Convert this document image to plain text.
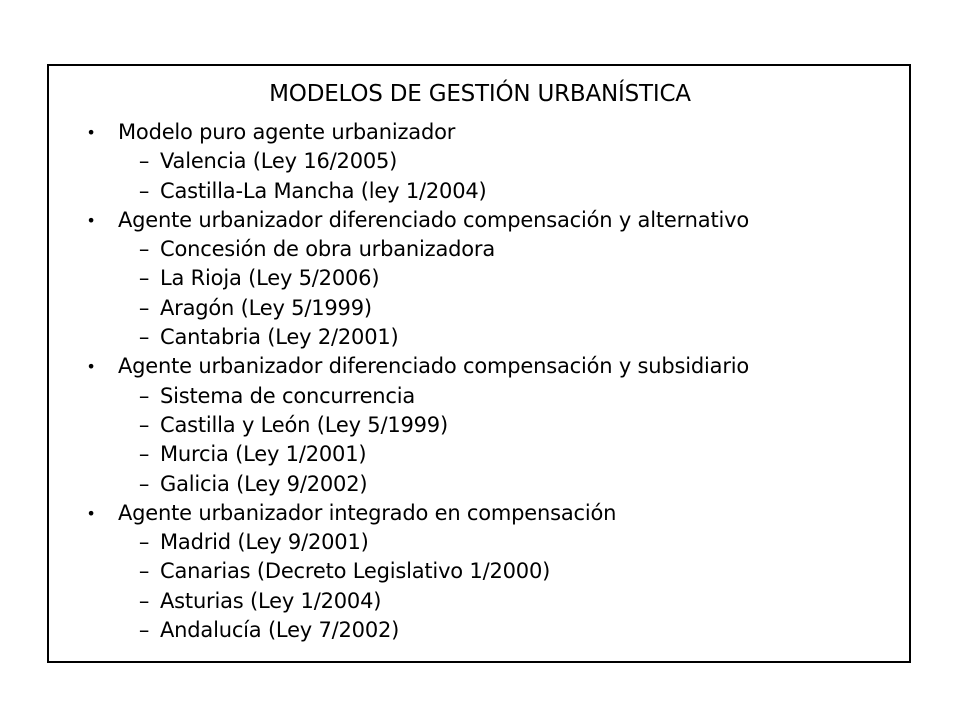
MODELOS DE GESTIÓN URBANÍSTICA
• Modelo puro agente urbanizador
– Valencia (Ley 16/2005)
– Castilla-La Mancha (ley 1/2004)
• Agente urbanizador diferenciado compensación y alternativo
– Concesión de obra urbanizadora
– La Rioja (Ley 5/2006)
– Aragón (Ley 5/1999)
– Cantabria (Ley 2/2001)
• Agente urbanizador diferenciado compensación y subsidiario
– Sistema de concurrencia
– Castilla y León (Ley 5/1999)
– Murcia (Ley 1/2001)
– Galicia (Ley 9/2002)
• Agente urbanizador integrado en compensación
– Madrid (Ley 9/2001)
– Canarias (Decreto Legislativo 1/2000)
– Asturias (Ley 1/2004)
– Andalucía (Ley 7/2002)
